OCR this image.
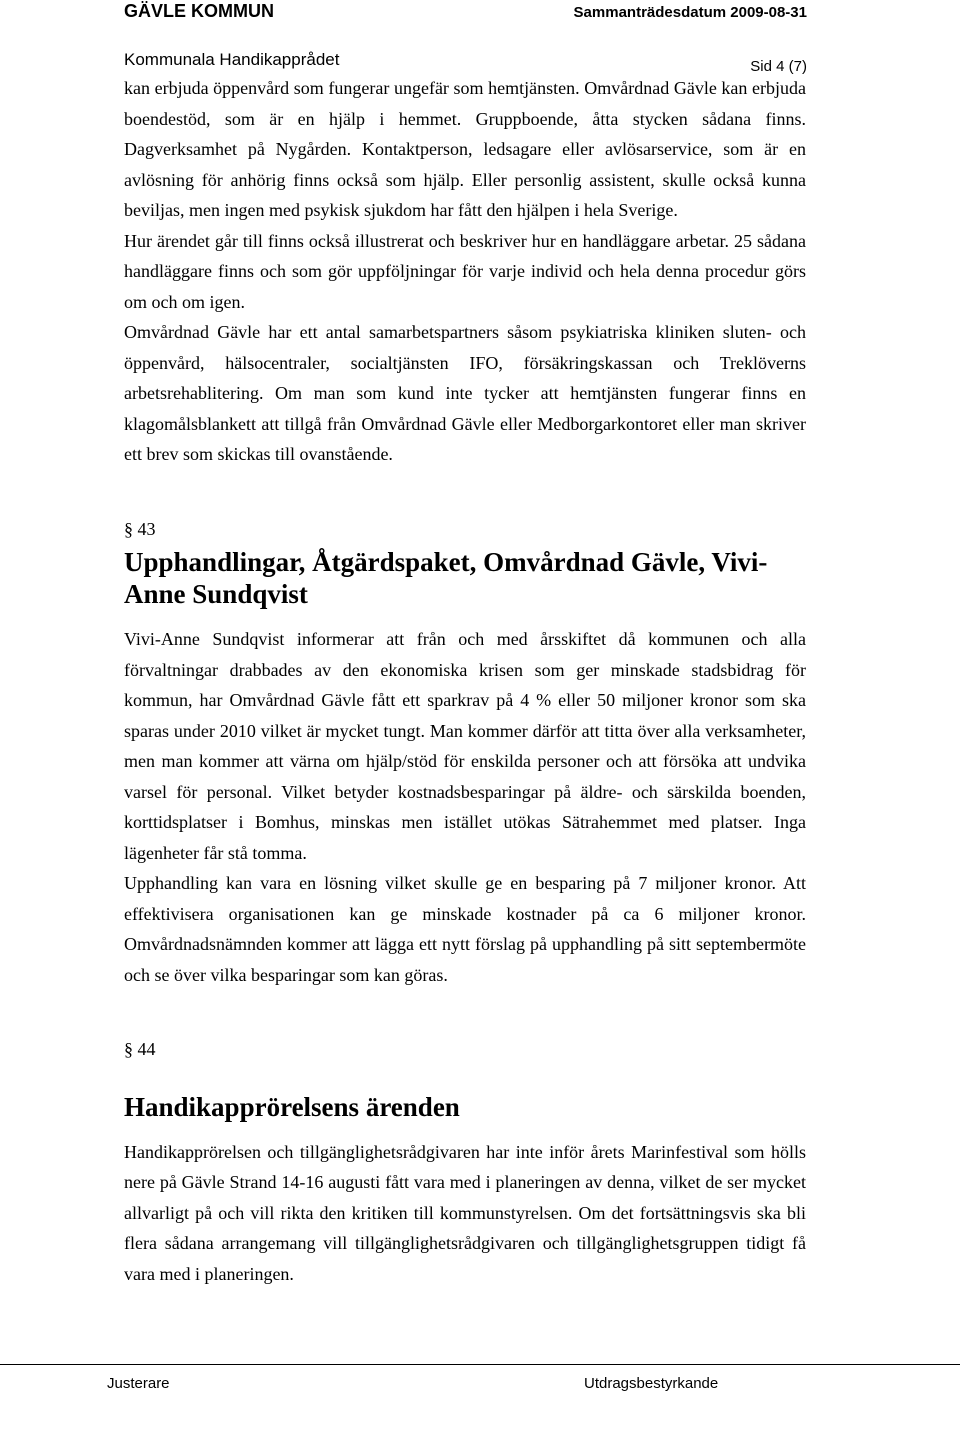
GÄVLE KOMMUN	Sammanträdesdatum 2009-08-31
Kommunala Handikapprådet	Sid 4 (7)

kan erbjuda öppenvård som fungerar ungefär som hemtjänsten. Omvårdnad Gävle kan erbjuda boendestöd, som är en hjälp i hemmet. Gruppboende, åtta stycken sådana finns. Dagverksamhet på Nygården. Kontaktperson, ledsagare eller avlösarservice, som är en avlösning för anhörig finns också som hjälp. Eller personlig assistent, skulle också kunna beviljas, men ingen med psykisk sjukdom har fått den hjälpen i hela Sverige.

Hur ärendet går till finns också illustrerat och beskriver hur en handläggare arbetar. 25 sådana handläggare finns och som gör uppföljningar för varje individ och hela denna procedur görs om och om igen.

Omvårdnad Gävle har ett antal samarbetspartners såsom psykiatriska kliniken sluten- och öppenvård, hälsocentraler, socialtjänsten IFO, försäkringskassan och Treklöverns arbetsrehablitering. Om man som kund inte tycker att hemtjänsten fungerar finns en klagomålsblankett att tillgå från Omvårdnad Gävle eller Medborgarkontoret eller man skriver ett brev som skickas till ovanstående.

§ 43

Upphandlingar, Åtgärdspaket, Omvårdnad Gävle, Vivi-Anne Sundqvist

Vivi-Anne Sundqvist informerar att från och med årsskiftet då kommunen och alla förvaltningar drabbades av den ekonomiska krisen som ger minskade stadsbidrag för kommun, har Omvårdnad Gävle fått ett sparkrav på 4 % eller 50 miljoner kronor som ska sparas under 2010 vilket är mycket tungt. Man kommer därför att titta över alla verksamheter, men man kommer att värna om hjälp/stöd för enskilda personer och att försöka att undvika varsel för personal. Vilket betyder kostnadsbesparingar på äldre- och särskilda boenden, korttidsplatser i Bomhus, minskas men istället utökas Sätrahemmet med platser. Inga lägenheter får stå tomma.

Upphandling kan vara en lösning vilket skulle ge en besparing på 7 miljoner kronor. Att effektivisera organisationen kan ge minskade kostnader på ca 6 miljoner kronor. Omvårdnadsnämnden kommer att lägga ett nytt förslag på upphandling på sitt septembermöte och se över vilka besparingar som kan göras.

§ 44

Handikapprörelsens ärenden

Handikapprörelsen och tillgänglighetsrådgivaren har inte inför årets Marinfestival som hölls nere på Gävle Strand 14-16 augusti fått vara med i planeringen av denna, vilket de ser mycket allvarligt på och vill rikta den kritiken till kommunstyrelsen. Om det fortsättningsvis ska bli flera sådana arrangemang vill tillgänglighetsrådgivaren och tillgänglighetsgruppen tidigt få vara med i planeringen.

Justerare	Utdragsbestyrkande
